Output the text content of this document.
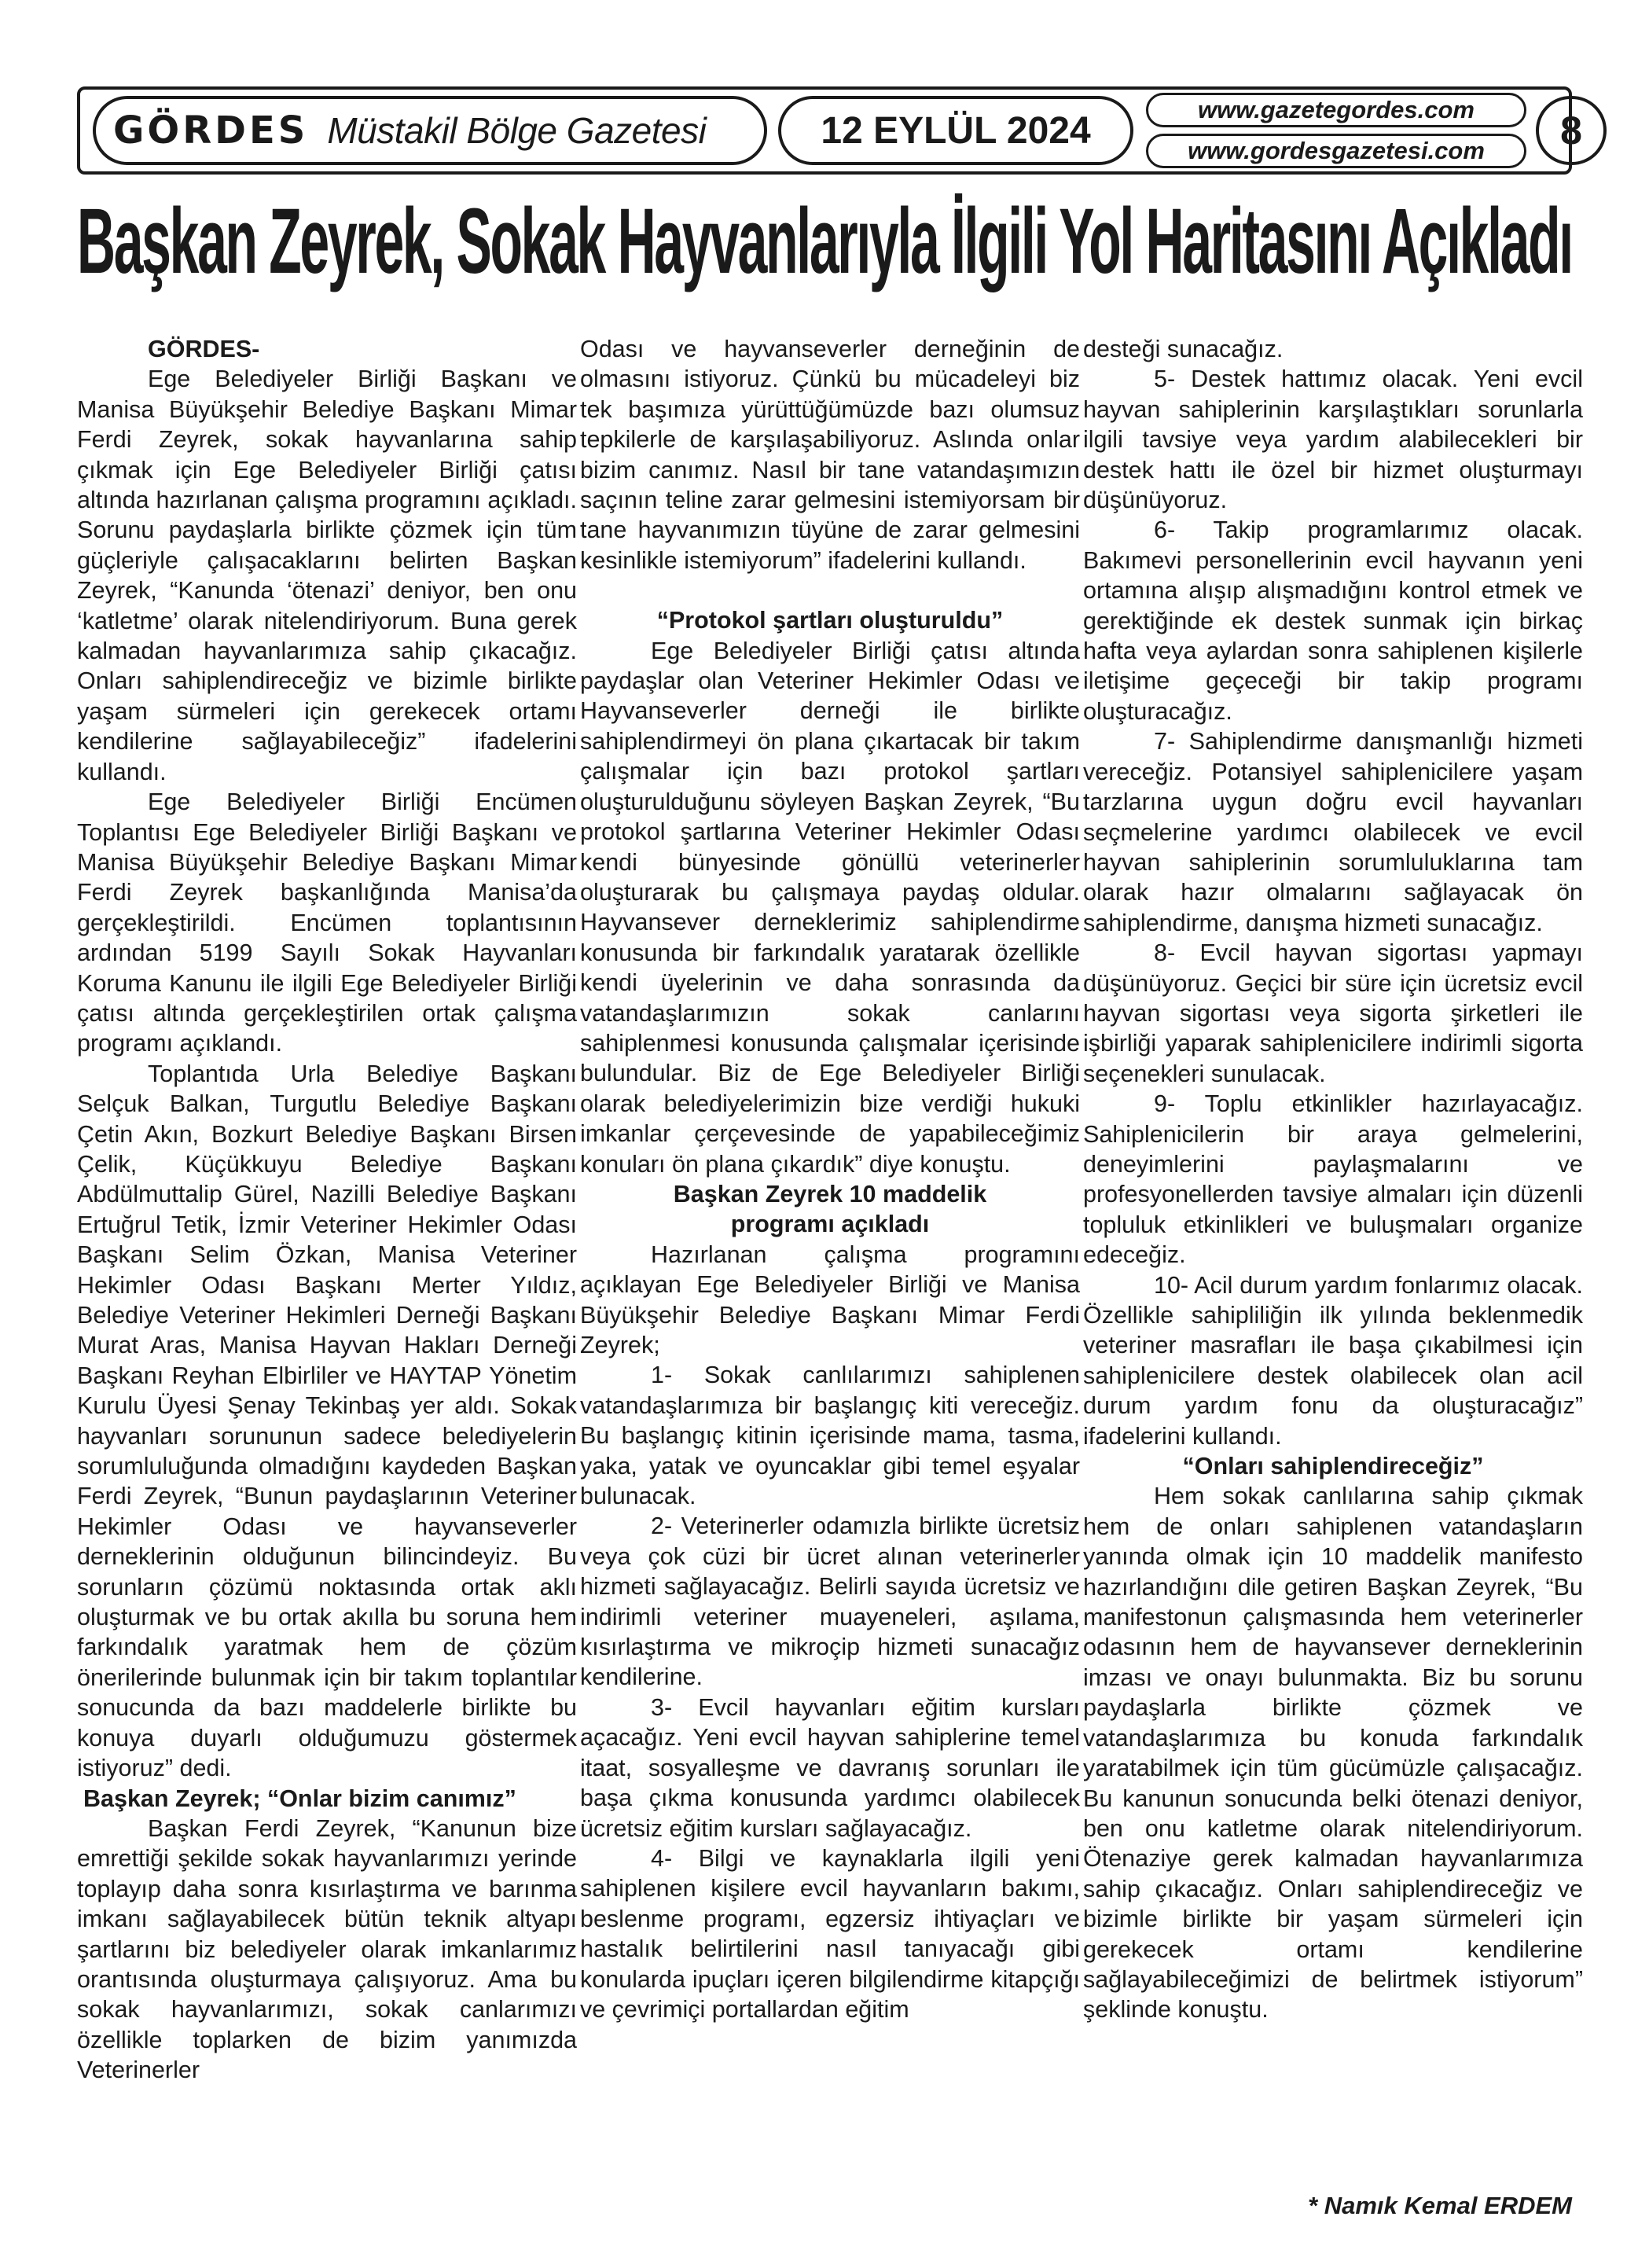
GÖRDES Müstakil Bölge Gazetesi	12 EYLÜL 2024	www.gazetegordes.com
www.gordesgazetesi.com	8
Başkan Zeyrek, Sokak Hayvanlarıyla İlgili Yol Haritasını Açıkladı

GÖRDES-

Ege Belediyeler Birliği Başkanı ve Manisa Büyükşehir Belediye Başkanı Mimar Ferdi Zeyrek, sokak hayvanlarına sahip çıkmak için Ege Belediyeler Birliği çatısı altında hazırlanan çalışma programını açıkladı. Sorunu paydaşlarla birlikte çözmek için tüm güçleriyle çalışacaklarını belirten Başkan Zeyrek, “Kanunda ‘ötenazi’ deniyor, ben onu ‘katletme’ olarak nitelendiriyorum. Buna gerek kalmadan hayvanlarımıza sahip çıkacağız. Onları sahiplendireceğiz ve bizimle birlikte yaşam sürmeleri için gerekecek ortamı kendilerine sağlayabileceğiz” ifadelerini kullandı.

Ege Belediyeler Birliği Encümen Toplantısı Ege Belediyeler Birliği Başkanı ve Manisa Büyükşehir Belediye Başkanı Mimar Ferdi Zeyrek başkanlığında Manisa’da gerçekleştirildi. Encümen toplantısının ardından 5199 Sayılı Sokak Hayvanları Koruma Kanunu ile ilgili Ege Belediyeler Birliği çatısı altında gerçekleştirilen ortak çalışma programı açıklandı.

Toplantıda Urla Belediye Başkanı Selçuk Balkan, Turgutlu Belediye Başkanı Çetin Akın, Bozkurt Belediye Başkanı Birsen Çelik, Küçükkuyu Belediye Başkanı Abdülmuttalip Gürel, Nazilli Belediye Başkanı Ertuğrul Tetik, İzmir Veteriner Hekimler Odası Başkanı Selim Özkan, Manisa Veteriner Hekimler Odası Başkanı Merter Yıldız, Belediye Veteriner Hekimleri Derneği Başkanı Murat Aras, Manisa Hayvan Hakları Derneği Başkanı Reyhan Elbirliler ve HAYTAP Yönetim Kurulu Üyesi Şenay Tekinbaş yer aldı. Sokak hayvanları sorununun sadece belediyelerin sorumluluğunda olmadığını kaydeden Başkan Ferdi Zeyrek, “Bunun paydaşlarının Veteriner Hekimler Odası ve hayvanseverler derneklerinin olduğunun bilincindeyiz. Bu sorunların çözümü noktasında ortak aklı oluşturmak ve bu ortak akılla bu soruna hem farkındalık yaratmak hem de çözüm önerilerinde bulunmak için bir takım toplantılar sonucunda da bazı maddelerle birlikte bu konuya duyarlı olduğumuzu göstermek istiyoruz” dedi.

Başkan Zeyrek; “Onlar bizim canımız”

Başkan Ferdi Zeyrek, “Kanunun bize emrettiği şekilde sokak hayvanlarımızı yerinde toplayıp daha sonra kısırlaştırma ve barınma imkanı sağlayabilecek bütün teknik altyapı şartlarını biz belediyeler olarak imkanlarımız orantısında oluşturmaya çalışıyoruz. Ama bu sokak hayvanlarımızı, sokak canlarımızı özellikle toplarken de bizim yanımızda Veterinerler

Odası ve hayvanseverler derneğinin de olmasını istiyoruz. Çünkü bu mücadeleyi biz tek başımıza yürüttüğümüzde bazı olumsuz tepkilerle de karşılaşabiliyoruz. Aslında onlar bizim canımız. Nasıl bir tane vatandaşımızın saçının teline zarar gelmesini istemiyorsam bir tane hayvanımızın tüyüne de zarar gelmesini kesinlikle istemiyorum” ifadelerini kullandı.

“Protokol şartları oluşturuldu”

Ege Belediyeler Birliği çatısı altında paydaşlar olan Veteriner Hekimler Odası ve Hayvanseverler derneği ile birlikte sahiplendirmeyi ön plana çıkartacak bir takım çalışmalar için bazı protokol şartları oluşturulduğunu söyleyen Başkan Zeyrek, “Bu protokol şartlarına Veteriner Hekimler Odası kendi bünyesinde gönüllü veterinerler oluşturarak bu çalışmaya paydaş oldular. Hayvansever derneklerimiz sahiplendirme konusunda bir farkındalık yaratarak özellikle kendi üyelerinin ve daha sonrasında da vatandaşlarımızın sokak canlarını sahiplenmesi konusunda çalışmalar içerisinde bulundular. Biz de Ege Belediyeler Birliği olarak belediyelerimizin bize verdiği hukuki imkanlar çerçevesinde de yapabileceğimiz konuları ön plana çıkardık” diye konuştu.

Başkan Zeyrek 10 maddelik programı açıkladı

Hazırlanan çalışma programını açıklayan Ege Belediyeler Birliği ve Manisa Büyükşehir Belediye Başkanı Mimar Ferdi Zeyrek;

1- Sokak canlılarımızı sahiplenen vatandaşlarımıza bir başlangıç kiti vereceğiz. Bu başlangıç kitinin içerisinde mama, tasma, yaka, yatak ve oyuncaklar gibi temel eşyalar bulunacak.

2- Veterinerler odamızla birlikte ücretsiz veya çok cüzi bir ücret alınan veterinerler hizmeti sağlayacağız. Belirli sayıda ücretsiz ve indirimli veteriner muayeneleri, aşılama, kısırlaştırma ve mikroçip hizmeti sunacağız kendilerine.

3- Evcil hayvanları eğitim kursları açacağız. Yeni evcil hayvan sahiplerine temel itaat, sosyalleşme ve davranış sorunları ile başa çıkma konusunda yardımcı olabilecek ücretsiz eğitim kursları sağlayacağız.

4- Bilgi ve kaynaklarla ilgili yeni sahiplenen kişilere evcil hayvanların bakımı, beslenme programı, egzersiz ihtiyaçları ve hastalık belirtilerini nasıl tanıyacağı gibi konularda ipuçları içeren bilgilendirme kitapçığı ve çevrimiçi portallardan eğitim

desteği sunacağız.

5- Destek hattımız olacak. Yeni evcil hayvan sahiplerinin karşılaştıkları sorunlarla ilgili tavsiye veya yardım alabilecekleri bir destek hattı ile özel bir hizmet oluşturmayı düşünüyoruz.

6- Takip programlarımız olacak. Bakımevi personellerinin evcil hayvanın yeni ortamına alışıp alışmadığını kontrol etmek ve gerektiğinde ek destek sunmak için birkaç hafta veya aylardan sonra sahiplenen kişilerle iletişime geçeceği bir takip programı oluşturacağız.

7- Sahiplendirme danışmanlığı hizmeti vereceğiz. Potansiyel sahiplenicilere yaşam tarzlarına uygun doğru evcil hayvanları seçmelerine yardımcı olabilecek ve evcil hayvan sahiplerinin sorumluluklarına tam olarak hazır olmalarını sağlayacak ön sahiplendirme, danışma hizmeti sunacağız.

8- Evcil hayvan sigortası yapmayı düşünüyoruz. Geçici bir süre için ücretsiz evcil hayvan sigortası veya sigorta şirketleri ile işbirliği yaparak sahiplenicilere indirimli sigorta seçenekleri sunulacak.

9- Toplu etkinlikler hazırlayacağız. Sahiplenicilerin bir araya gelmelerini, deneyimlerini paylaşmalarını ve profesyonellerden tavsiye almaları için düzenli topluluk etkinlikleri ve buluşmaları organize edeceğiz.

10- Acil durum yardım fonlarımız olacak. Özellikle sahipliliğin ilk yılında beklenmedik veteriner masrafları ile başa çıkabilmesi için sahiplenicilere destek olabilecek olan acil durum yardım fonu da oluşturacağız” ifadelerini kullandı.

“Onları sahiplendireceğiz”

Hem sokak canlılarına sahip çıkmak hem de onları sahiplenen vatandaşların yanında olmak için 10 maddelik manifesto hazırlandığını dile getiren Başkan Zeyrek, “Bu manifestonun çalışmasında hem veterinerler odasının hem de hayvansever derneklerinin imzası ve onayı bulunmakta. Biz bu sorunu paydaşlarla birlikte çözmek ve vatandaşlarımıza bu konuda farkındalık yaratabilmek için tüm gücümüzle çalışacağız. Bu kanunun sonucunda belki ötenazi deniyor, ben onu katletme olarak nitelendiriyorum. Ötenaziye gerek kalmadan hayvanlarımıza sahip çıkacağız. Onları sahiplendireceğiz ve bizimle birlikte bir yaşam sürmeleri için gerekecek ortamı kendilerine sağlayabileceğimizi de belirtmek istiyorum” şeklinde konuştu.

* Namık Kemal ERDEM
